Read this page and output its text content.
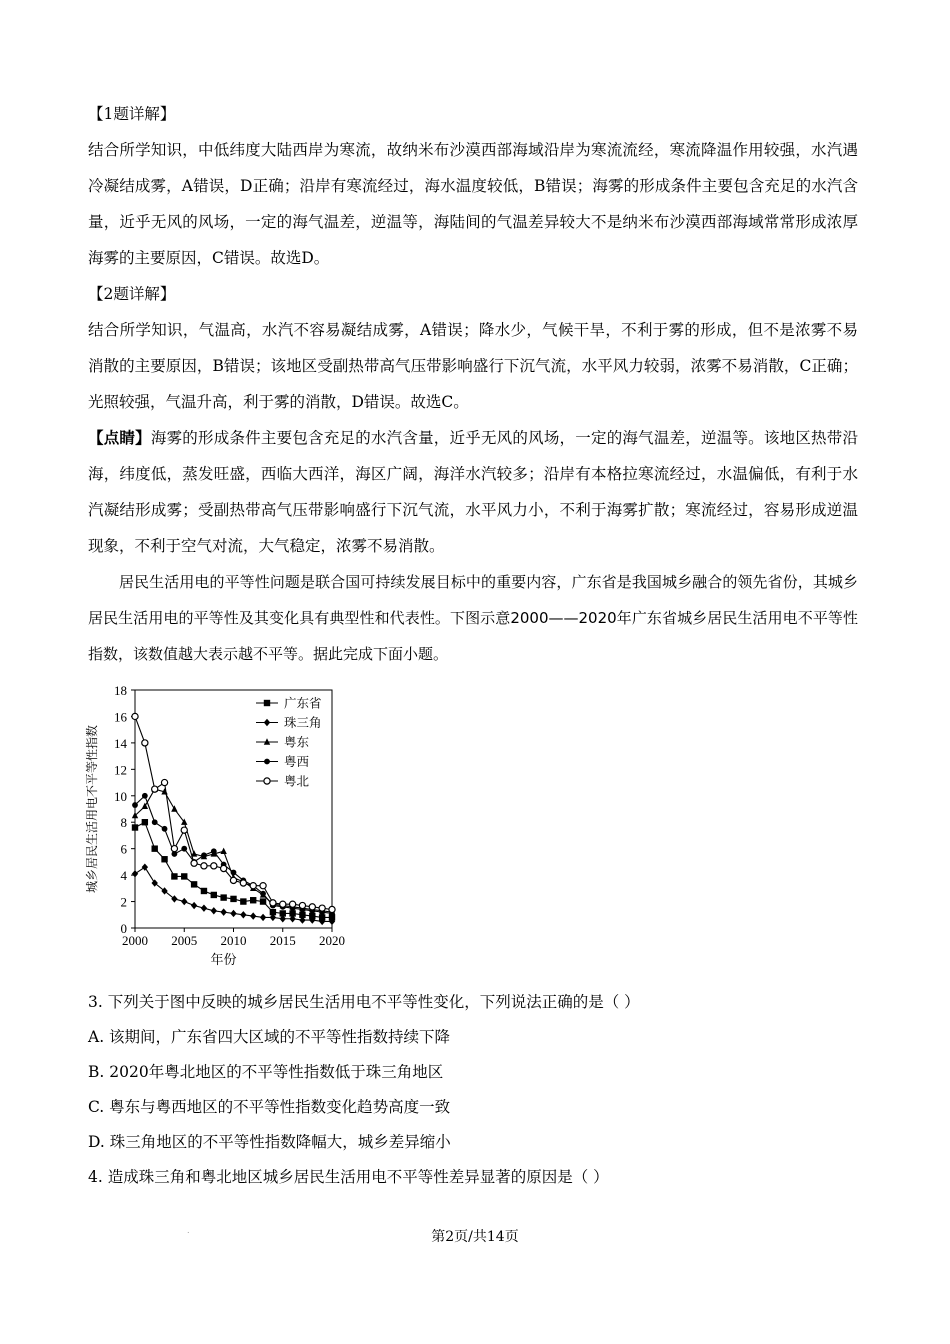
【1题详解】

结合所学知识，中低纬度大陆西岸为寒流，故纳米布沙漠西部海域沿岸为寒流流经，寒流降温作用较强，水汽遇冷凝结成雾，A错误，D正确；沿岸有寒流经过，海水温度较低，B错误；海雾的形成条件主要包含充足的水汽含量，近乎无风的风场，一定的海气温差，逆温等，海陆间的气温差异较大不是纳米布沙漠西部海域常常形成浓厚海雾的主要原因，C错误。故选D。

【2题详解】

结合所学知识，气温高，水汽不容易凝结成雾，A错误；降水少，气候干旱，不利于雾的形成，但不是浓雾不易消散的主要原因，B错误；该地区受副热带高气压带影响盛行下沉气流，水平风力较弱，浓雾不易消散，C正确；光照较强，气温升高，利于雾的消散，D错误。故选C。

【点睛】海雾的形成条件主要包含充足的水汽含量，近乎无风的风场，一定的海气温差，逆温等。该地区热带沿海，纬度低，蒸发旺盛，西临大西洋，海区广阔，海洋水汽较多；沿岸有本格拉寒流经过，水温偏低，有利于水汽凝结形成雾；受副热带高气压带影响盛行下沉气流，水平风力小，不利于海雾扩散；寒流经过，容易形成逆温现象，不利于空气对流，大气稳定，浓雾不易消散。

居民生活用电的平等性问题是联合国可持续发展目标中的重要内容，广东省是我国城乡融合的领先省份，其城乡居民生活用电的平等性及其变化具有典型性和代表性。下图示意2000——2020年广东省城乡居民生活用电不平等性指数，该数值越大表示越不平等。据此完成下面小题。

0
2
4
6
8
10
12
14
16
18
2000 2005 2010 2015 2020
年份
城乡居民生活用电不平等性指数
广东省
珠三角
粤东
粤西
粤北
3. 下列关于图中反映的城乡居民生活用电不平等性变化，下列说法正确的是（ ）
A. 该期间，广东省四大区域的不平等性指数持续下降
B. 2020年粤北地区的不平等性指数低于珠三角地区
C. 粤东与粤西地区的不平等性指数变化趋势高度一致
D. 珠三角地区的不平等性指数降幅大，城乡差异缩小
4. 造成珠三角和粤北地区城乡居民生活用电不平等性差异显著的原因是（ ）
.	第2页/共14页
